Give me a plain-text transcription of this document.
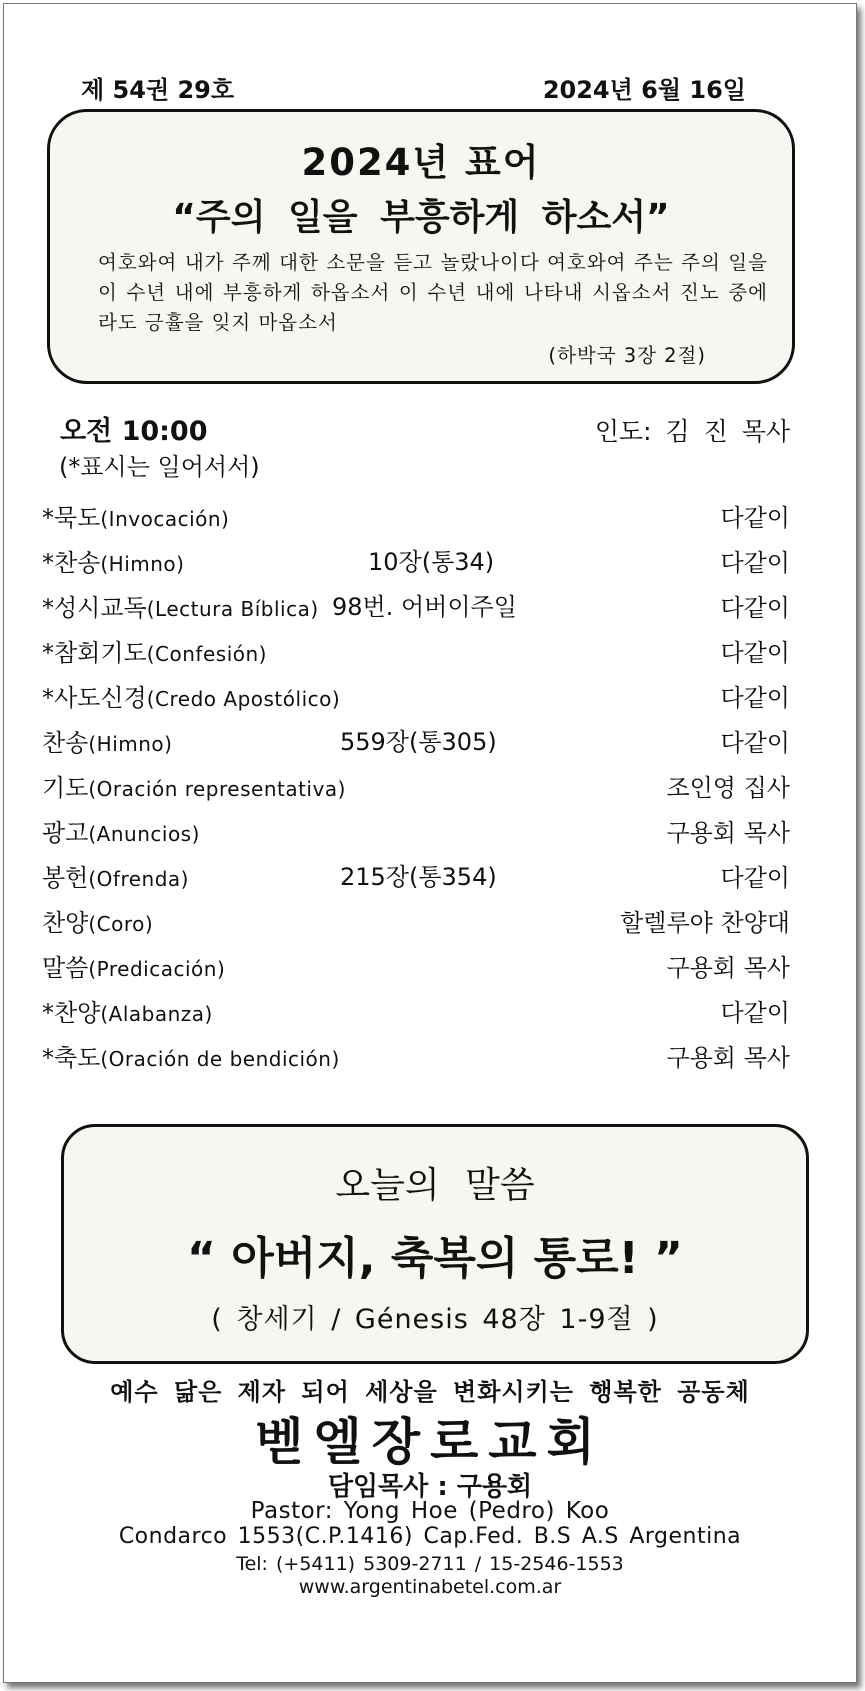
제 54권 29호	2024년 6월 16일
2024년 표어
“주의 일을 부흥하게 하소서”
여호와여 내가 주께 대한 소문을 듣고 놀랐나이다 여호와여 주는 주의 일을 이 수년 내에 부흥하게 하옵소서 이 수년 내에 나타내 시옵소서 진노 중에라도 긍휼을 잊지 마옵소서
(하박국 3장 2절)
오전 10:00	인도: 김 진 목사
(*표시는 일어서서)
*묵도(Invocación)	다같이
*찬송(Himno)	10장(통34)	다같이
*성시교독(Lectura Bíblica) 98번. 어버이주일	다같이
*참회기도(Confesión)	다같이
*사도신경(Credo Apostólico)	다같이
찬송(Himno)	559장(통305)	다같이
기도(Oración representativa)	조인영 집사
광고(Anuncios)	구용회 목사
봉헌(Ofrenda)	215장(통354)	다같이
찬양(Coro)	할렐루야 찬양대
말씀(Predicación)	구용회 목사
*찬양(Alabanza)	다같이
*축도(Oración de bendición)	구용회 목사
오늘의 말씀
“ 아버지, 축복의 통로! ”
( 창세기 / Génesis 48장 1-9절 )
예수 닮은 제자 되어 세상을 변화시키는 행복한 공동체
벧엘장로교회
담임목사 : 구용회
Pastor: Yong Hoe (Pedro) Koo
Condarco 1553(C.P.1416) Cap.Fed. B.S A.S Argentina
Tel: (+5411) 5309-2711 / 15-2546-1553
www.argentinabetel.com.ar
